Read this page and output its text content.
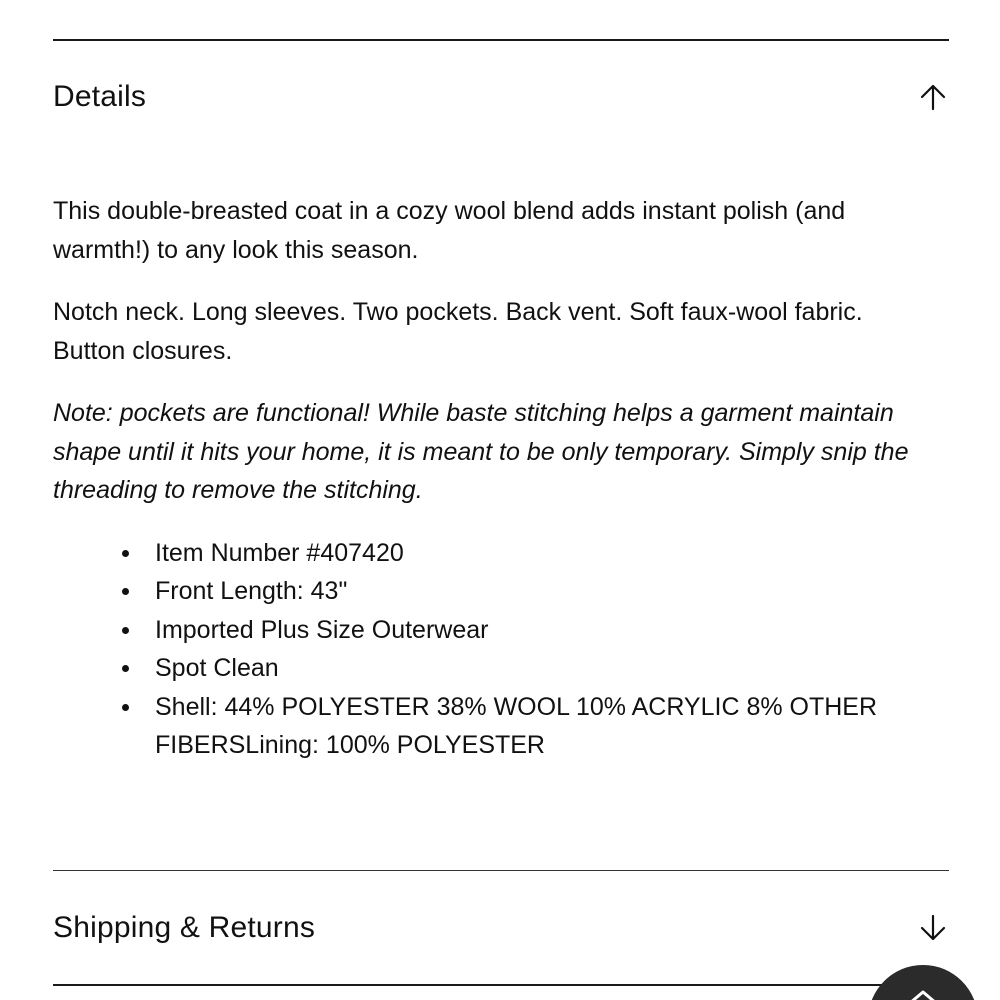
Details

This double-breasted coat in a cozy wool blend adds instant polish (and warmth!) to any look this season.

Notch neck. Long sleeves. Two pockets. Back vent. Soft faux-wool fabric. Button closures.

Note: pockets are functional! While baste stitching helps a garment maintain shape until it hits your home, it is meant to be only temporary. Simply snip the threading to remove the stitching.

Item Number #407420
Front Length: 43"
Imported Plus Size Outerwear
Spot Clean
Shell: 44% POLYESTER 38% WOOL 10% ACRYLIC 8% OTHER FIBERSLining: 100% POLYESTER
Shipping & Returns
